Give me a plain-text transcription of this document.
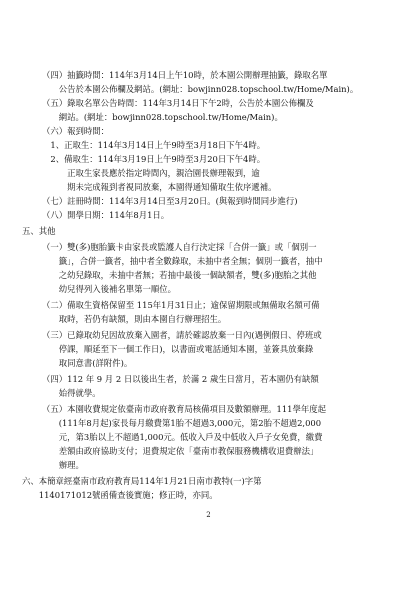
（四）抽籤時間：114年3月14日上午10時，於本園公開辦理抽籤，錄取名單
　　公告於本園公佈欄及網站。(網址：bowjinn028.topschool.tw/Home/Main)。
（五）錄取名單公告時間：114年3月14日下午2時，公告於本園公佈欄及
　　網站。(網址：bowjinn028.topschool.tw/Home/Main)。
（六）報到時間：
　1、正取生：114年3月14日上午9時至3月18日下午4時。
　2、備取生：114年3月19日上午9時至3月20日下午4時。
　　　正取生家長應於指定時間內，親洽園長辦理報到，逾
　　　期未完成報到者視同放棄，本園得通知備取生依序遞補。
（七）註冊時間：114年3月14日至3月20日。(與報到時間同步進行)
（八）開學日期：114年8月1日。
五、其他
（一）雙(多)胞胎籤卡由家長或監護人自行決定採「合併一籤」或「個別一
　　籤」，合併一籤者，抽中者全數錄取，未抽中者全無；個別一籤者，抽中
　　之幼兒錄取，未抽中者無；若抽中最後一個缺額者，雙(多)胞胎之其他
　　幼兒得列入後補名單第一順位。
（二）備取生資格保留至 115年1月31日止；逾保留期限或無備取名額可備
　　取時，若仍有缺額，則由本園自行辦理招生。
（三）已錄取幼兒因故放棄入園者，請於確認放棄一日內(遇例假日、停班或
　　停課，順延至下一個工作日)，以書面或電話通知本園，並簽具放棄錄
　　取同意書(詳附件)。
（四）112 年 9 月 2 日以後出生者，於滿 2 歲生日當月，若本園仍有缺額
　　始得就學。
（五）本園收費規定依臺南市政府教育局核備項目及數額辦理。111學年度起
　　(111年8月起)家長每月繳費第1胎不超過3,000元，第2胎不超過2,000
　　元，第3胎以上不超過1,000元。低收入戶及中低收入戶子女免費，繳費
　　差額由政府協助支付；退費規定依「臺南市教保服務機構收退費辦法」
　　辦理。
六、本簡章經臺南市政府教育局114年1月21日南市教特(一)字第
　　1140171012號函備查後實施；修正時，亦同。
2
